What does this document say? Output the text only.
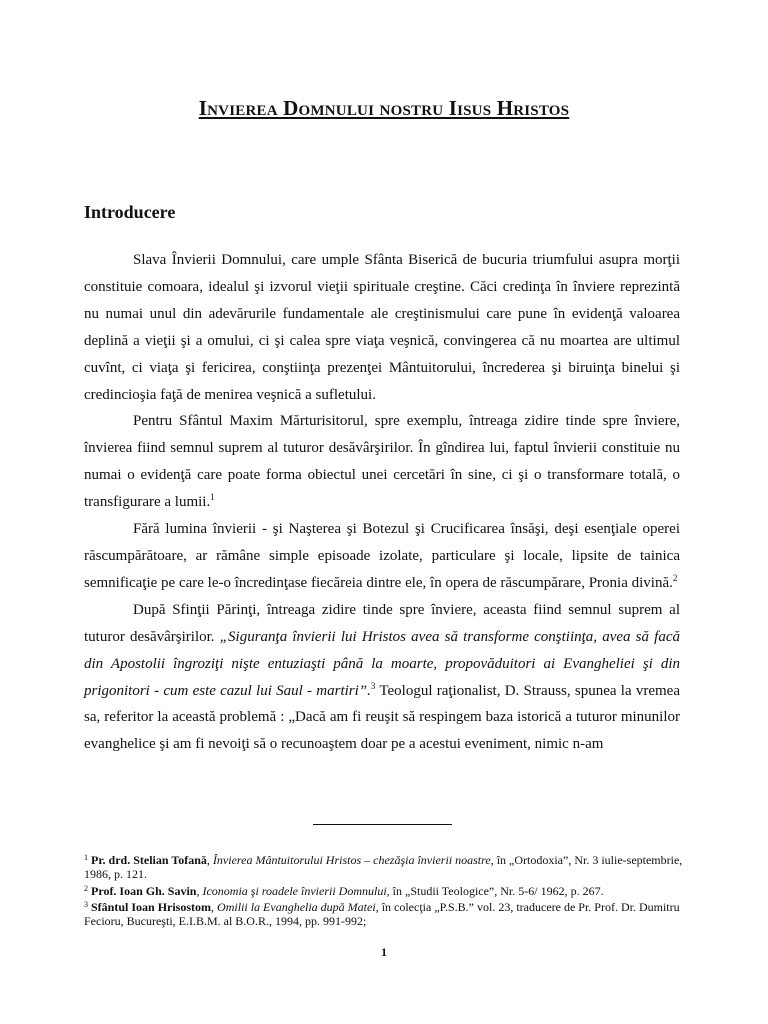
Invierea Domnului nostru Iisus Hristos
Introducere

Slava Învierii Domnului, care umple Sfânta Biserică de bucuria triumfului asupra morţii constituie comoara, idealul şi izvorul vieţii spirituale creştine. Căci credinţa în înviere reprezintă nu numai unul din adevărurile fundamentale ale creştinismului care pune în evidenţă valoarea deplină a vieţii şi a omului, ci şi calea spre viaţa veşnică, convingerea că nu moartea are ultimul cuvînt, ci viaţa şi fericirea, conştiinţa prezenţei Mântuitorului, încrederea şi biruinţa binelui şi credincioşia faţă de menirea veşnică a sufletului.

Pentru Sfântul Maxim Mărturisitorul, spre exemplu, întreaga zidire tinde spre înviere, învierea fiind semnul suprem al tuturor desăvârşirilor. În gîndirea lui, faptul învierii constituie nu numai o evidenţă care poate forma obiectul unei cercetări în sine, ci şi o transformare totală, o transfigurare a lumii.$^1$

Fără lumina învierii - şi Naşterea şi Botezul şi Crucificarea însăşi, deşi esenţiale operei răscumpărătoare, ar rămâne simple episoade izolate, particulare şi locale, lipsite de tainica semnificaţie pe care le-o încredinţase fiecăreia dintre ele, în opera de răscumpărare, Pronia divină.$^2$

După Sfinţii Părinţi, întreaga zidire tinde spre înviere, aceasta fiind semnul suprem al tuturor desăvârşirilor. „Siguranţa învierii lui Hristos avea să transforme conştiinţa, avea să facă din Apostolii îngroziţi nişte entuziaşti până la moarte, propovăduitori ai Evangheliei şi din prigonitori - cum este cazul lui Saul - martiri”.$^3$ Teologul raţionalist, D. Strauss, spunea la vremea sa, referitor la această problemă : „Dacă am fi reuşit să respingem baza istorică a tuturor minunilor evanghelice şi am fi nevoiţi să o recunoaştem doar pe a acestui eveniment, nimic n-am

$^1$ Pr. drd. Stelian Tofană, Învierea Mântuitorului Hristos – chezăşia învierii noastre, în „Ortodoxia”, Nr. 3 iulie-septembrie, 1986, p. 121.
$^2$ Prof. Ioan Gh. Savin, Iconomia şi roadele învierii Domnului, în „Studii Teologice”, Nr. 5-6/ 1962, p. 267.
$^3$ Sfântul Ioan Hrisostom, Omilii la Evanghelia după Matei, în colecţia „P.S.B.” vol. 23, traducere de Pr. Prof. Dr. Dumitru Fecioru, Bucureşti, E.I.B.M. al B.O.R., 1994, pp. 991-992;
1
